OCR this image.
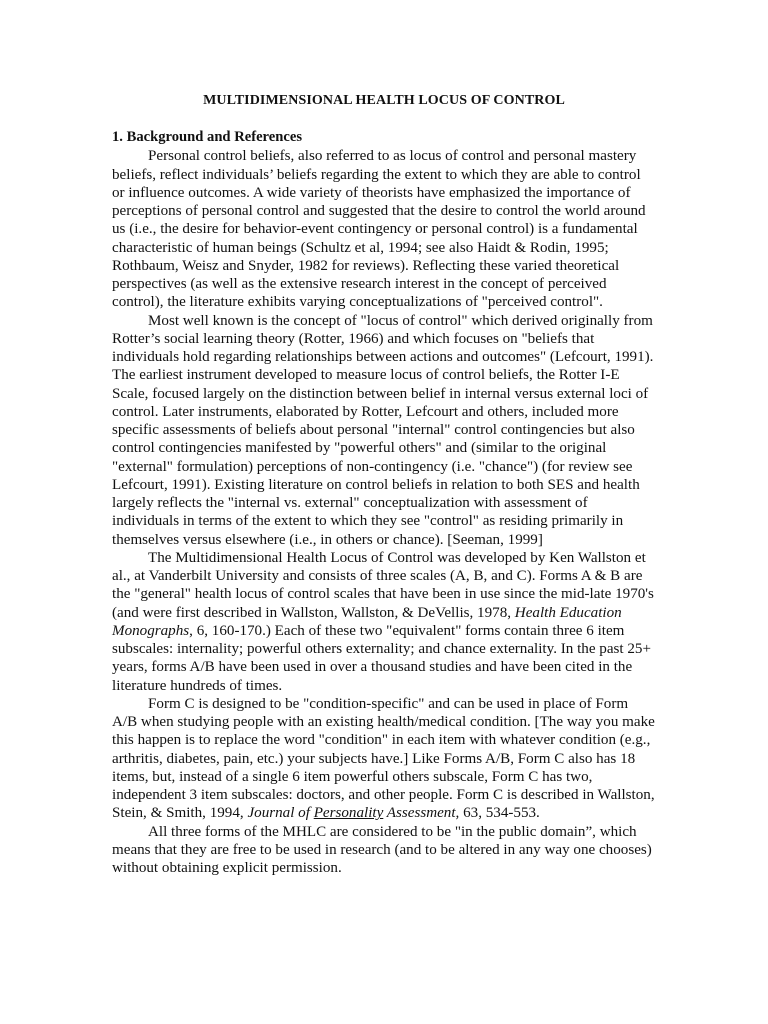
MULTIDIMENSIONAL HEALTH LOCUS OF CONTROL
1. Background and References

Personal control beliefs, also referred to as locus of control and personal mastery beliefs, reflect individuals’ beliefs regarding the extent to which they are able to control or influence outcomes. A wide variety of theorists have emphasized the importance of perceptions of personal control and suggested that the desire to control the world around us (i.e., the desire for behavior-event contingency or personal control) is a fundamental characteristic of human beings (Schultz et al, 1994; see also Haidt & Rodin, 1995; Rothbaum, Weisz and Snyder, 1982 for reviews). Reflecting these varied theoretical perspectives (as well as the extensive research interest in the concept of perceived control), the literature exhibits varying conceptualizations of "perceived control".

Most well known is the concept of "locus of control" which derived originally from Rotter’s social learning theory (Rotter, 1966) and which focuses on "beliefs that individuals hold regarding relationships between actions and outcomes" (Lefcourt, 1991). The earliest instrument developed to measure locus of control beliefs, the Rotter I-E Scale, focused largely on the distinction between belief in internal versus external loci of control. Later instruments, elaborated by Rotter, Lefcourt and others, included more specific assessments of beliefs about personal "internal" control contingencies but also control contingencies manifested by "powerful others" and (similar to the original "external" formulation) perceptions of non-contingency (i.e. "chance") (for review see Lefcourt, 1991). Existing literature on control beliefs in relation to both SES and health largely reflects the "internal vs. external" conceptualization with assessment of individuals in terms of the extent to which they see "control" as residing primarily in themselves versus elsewhere (i.e., in others or chance). [Seeman, 1999]

The Multidimensional Health Locus of Control was developed by Ken Wallston et al., at Vanderbilt University and consists of three scales (A, B, and C). Forms A & B are the "general" health locus of control scales that have been in use since the mid-late 1970's (and were first described in Wallston, Wallston, & DeVellis, 1978, Health Education Monographs, 6, 160-170.) Each of these two "equivalent" forms contain three 6 item subscales: internality; powerful others externality; and chance externality. In the past 25+ years, forms A/B have been used in over a thousand studies and have been cited in the literature hundreds of times.

Form C is designed to be "condition-specific" and can be used in place of Form A/B when studying people with an existing health/medical condition. [The way you make this happen is to replace the word "condition" in each item with whatever condition (e.g., arthritis, diabetes, pain, etc.) your subjects have.] Like Forms A/B, Form C also has 18 items, but, instead of a single 6 item powerful others subscale, Form C has two, independent 3 item subscales: doctors, and other people. Form C is described in Wallston, Stein, & Smith, 1994, Journal of Personality Assessment, 63, 534-553.

All three forms of the MHLC are considered to be "in the public domain”, which means that they are free to be used in research (and to be altered in any way one chooses) without obtaining explicit permission.
